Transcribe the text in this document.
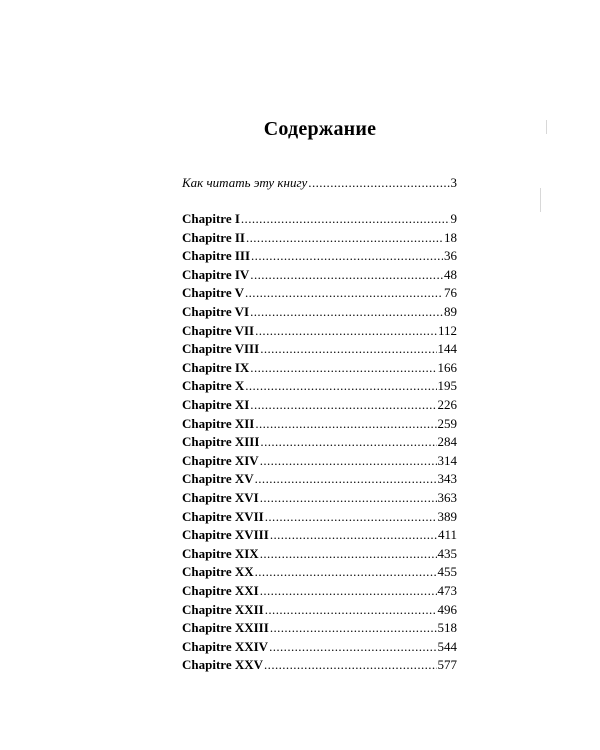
Содержание
Как читать эту книгу .....	3
Chapitre I .....	9
Chapitre II .....	18
Chapitre III .....	36
Chapitre IV .....	48
Chapitre V .....	76
Chapitre VI .....	89
Chapitre VII .....	112
Chapitre VIII .....	144
Chapitre IX .....	166
Chapitre X .....	195
Chapitre XI .....	226
Chapitre XII .....	259
Chapitre XIII .....	284
Chapitre XIV .....	314
Chapitre XV .....	343
Chapitre XVI .....	363
Chapitre XVII .....	389
Chapitre XVIII .....	411
Chapitre XIX .....	435
Chapitre XX .....	455
Chapitre XXI .....	473
Chapitre XXII .....	496
Chapitre XXIII .....	518
Chapitre XXIV .....	544
Chapitre XXV .....	577
